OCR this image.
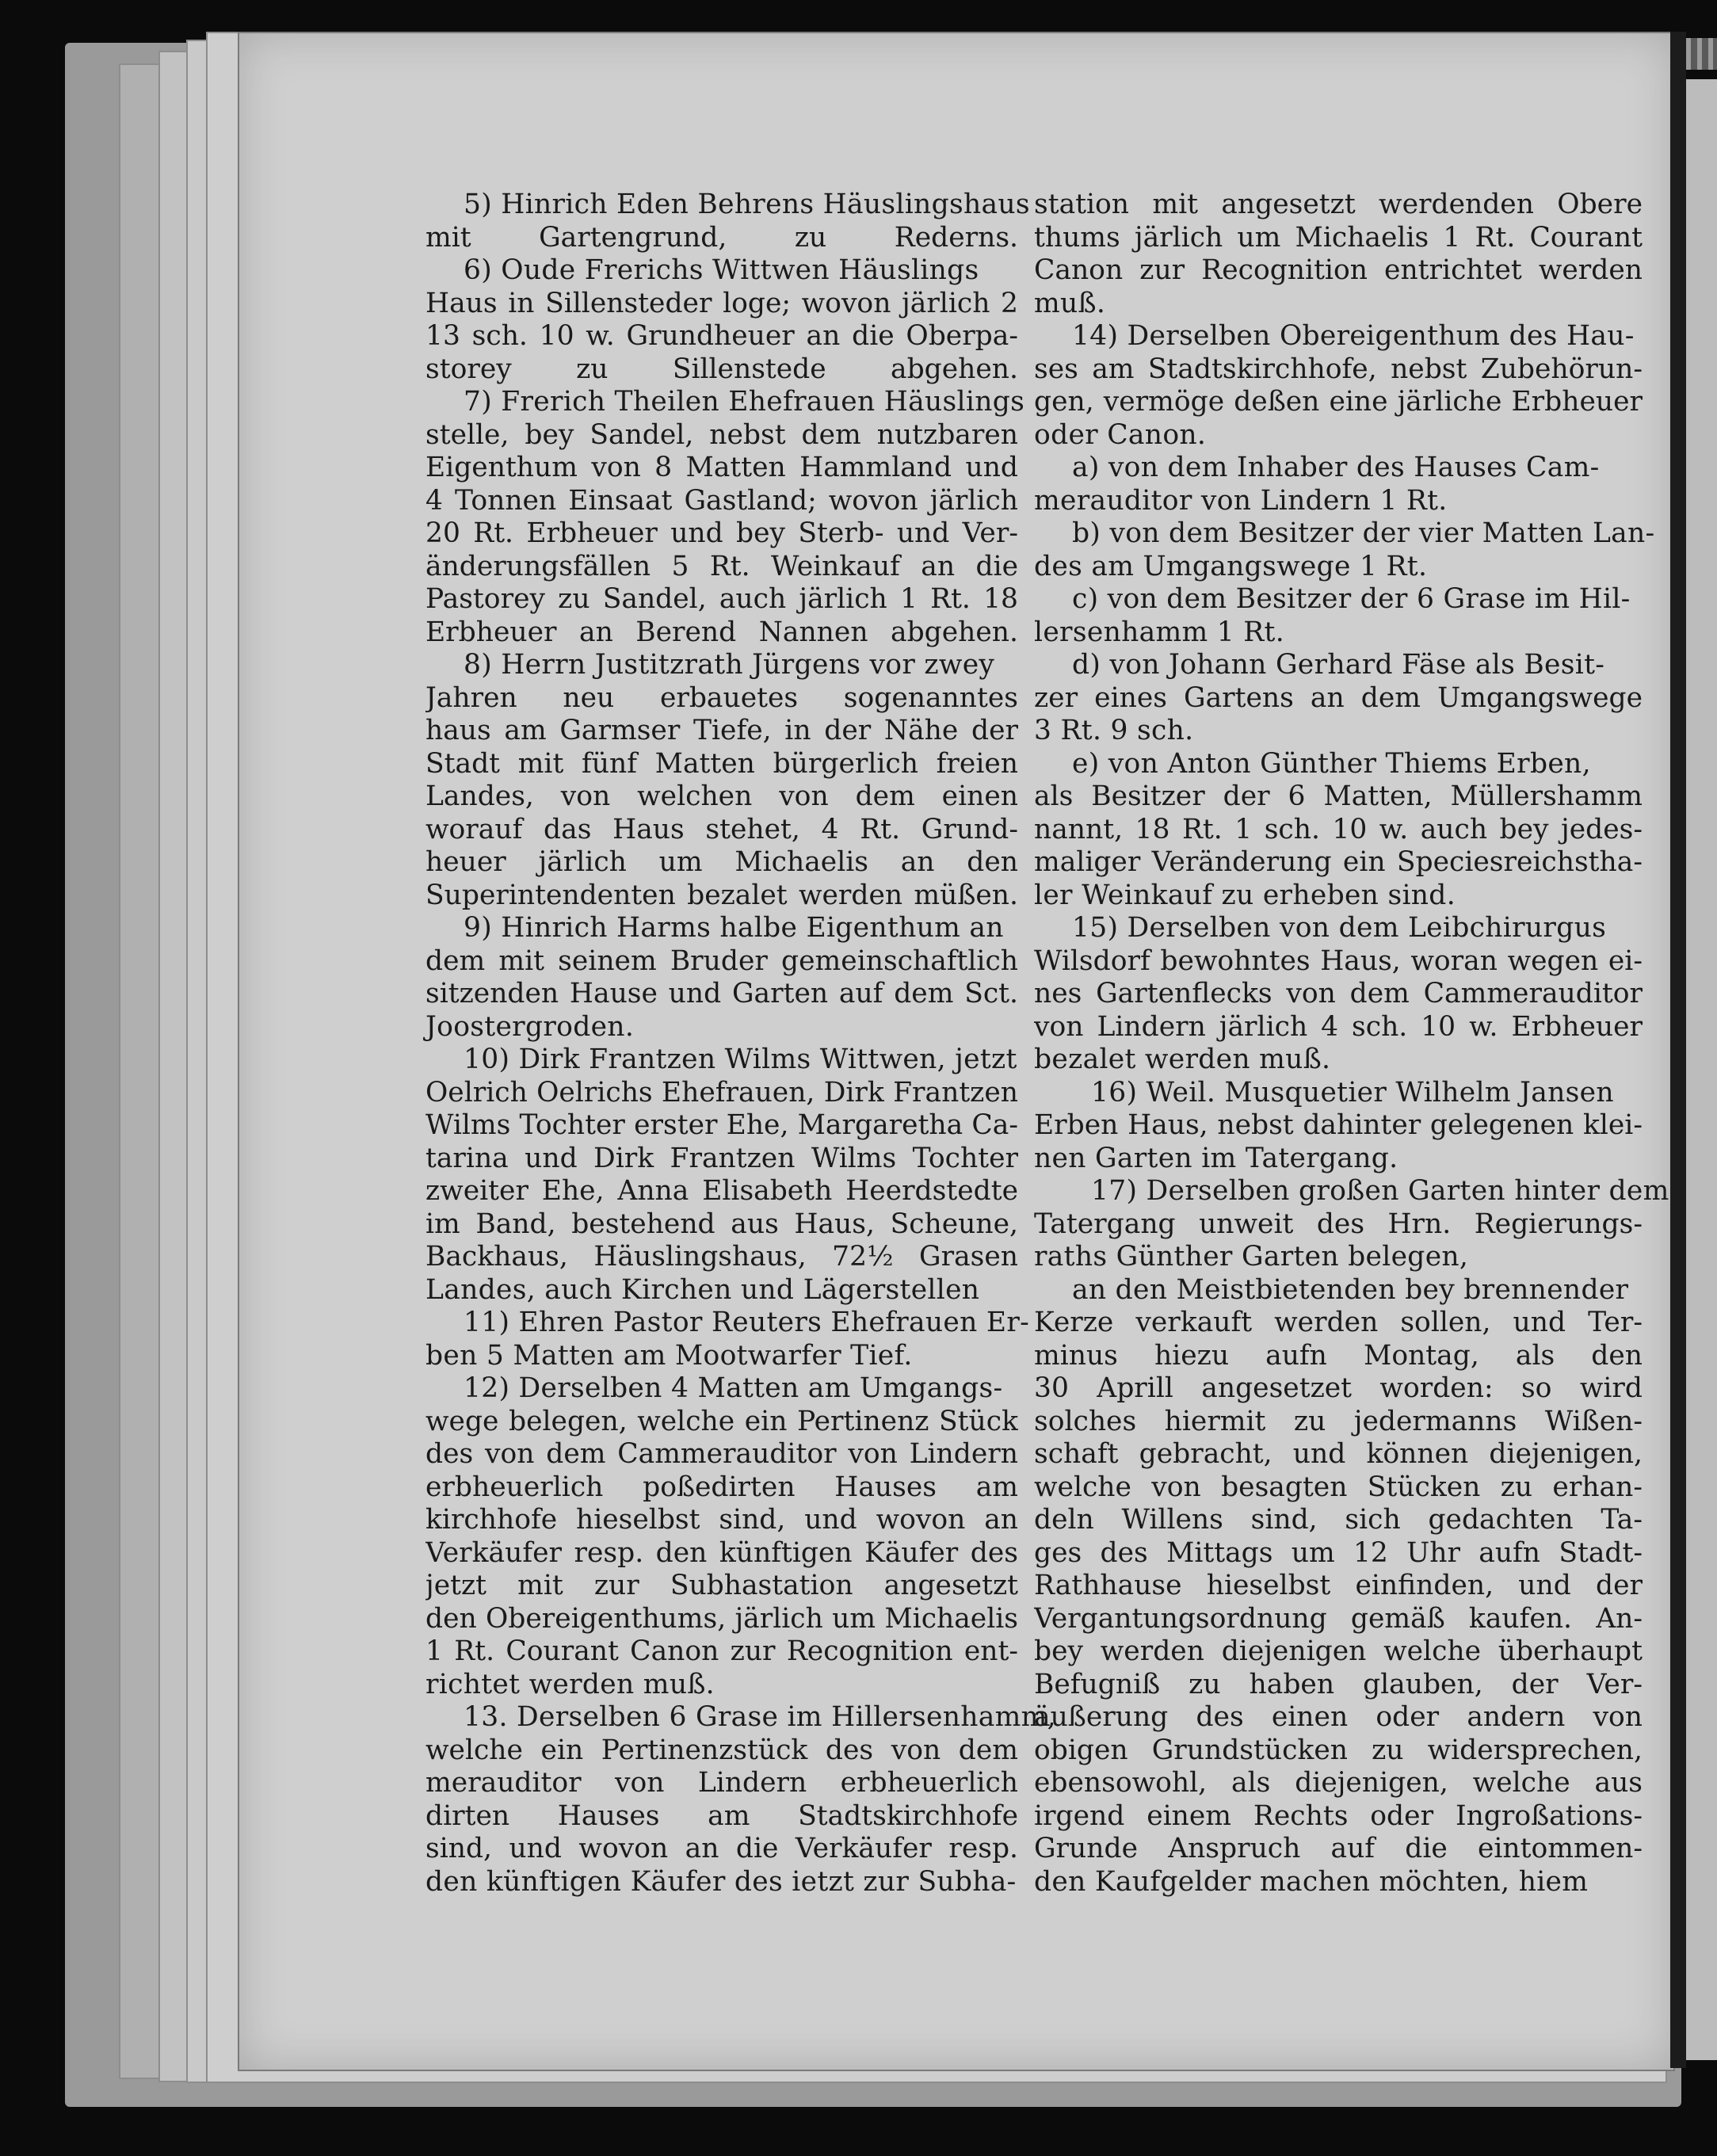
5) Hinrich Eden Behrens Häuslingshaus
mit Gartengrund, zu Rederns.
6) Oude Frerichs Wittwen Häuslings
Haus in Sillensteder loge; wovon järlich 2
13 sch. 10 w. Grundheuer an die Oberpa-
storey zu Sillenstede abgehen.
7) Frerich Theilen Ehefrauen Häuslings
stelle, bey Sandel, nebst dem nutzbaren
Eigenthum von 8 Matten Hammland und
4 Tonnen Einsaat Gastland; wovon järlich
20 Rt. Erbheuer und bey Sterb- und Ver-
änderungsfällen 5 Rt. Weinkauf an die
Pastorey zu Sandel, auch järlich 1 Rt. 18
Erbheuer an Berend Nannen abgehen.
8) Herrn Justitzrath Jürgens vor zwey
Jahren neu erbauetes sogenanntes
haus am Garmser Tiefe, in der Nähe der
Stadt mit fünf Matten bürgerlich freien
Landes, von welchen von dem einen
worauf das Haus stehet, 4 Rt. Grund-
heuer järlich um Michaelis an den
Superintendenten bezalet werden müßen.
9) Hinrich Harms halbe Eigenthum an
dem mit seinem Bruder gemeinschaftlich
sitzenden Hause und Garten auf dem Sct.
Joostergroden.
10) Dirk Frantzen Wilms Wittwen, jetzt
Oelrich Oelrichs Ehefrauen, Dirk Frantzen
Wilms Tochter erster Ehe, Margaretha Ca-
tarina und Dirk Frantzen Wilms Tochter
zweiter Ehe, Anna Elisabeth Heerdstedte
im Band, bestehend aus Haus, Scheune,
Backhaus, Häuslingshaus, 72½ Grasen
Landes, auch Kirchen und Lägerstellen
11) Ehren Pastor Reuters Ehefrauen Er-
ben 5 Matten am Mootwarfer Tief.
12) Derselben 4 Matten am Umgangs-
wege belegen, welche ein Pertinenz Stück
des von dem Cammerauditor von Lindern
erbheuerlich poßedirten Hauses am
kirchhofe hieselbst sind, und wovon an
Verkäufer resp. den künftigen Käufer des
jetzt mit zur Subhastation angesetzt
den Obereigenthums, järlich um Michaelis
1 Rt. Courant Canon zur Recognition ent-
richtet werden muß.
13. Derselben 6 Grase im Hillersenhamm,
welche ein Pertinenzstück des von dem
merauditor von Lindern erbheuerlich
dirten Hauses am Stadtskirchhofe
sind, und wovon an die Verkäufer resp.
den künftigen Käufer des ietzt zur Subha-
station mit angesetzt werdenden Obere
thums järlich um Michaelis 1 Rt. Courant
Canon zur Recognition entrichtet werden
muß.
14) Derselben Obereigenthum des Hau-
ses am Stadtskirchhofe, nebst Zubehörun-
gen, vermöge deßen eine järliche Erbheuer
oder Canon.
a) von dem Inhaber des Hauses Cam-
merauditor von Lindern 1 Rt.
b) von dem Besitzer der vier Matten Lan-
des am Umgangswege 1 Rt.
c) von dem Besitzer der 6 Grase im Hil-
lersenhamm 1 Rt.
d) von Johann Gerhard Fäse als Besit-
zer eines Gartens an dem Umgangswege
3 Rt. 9 sch.
e) von Anton Günther Thiems Erben,
als Besitzer der 6 Matten, Müllershamm
nannt, 18 Rt. 1 sch. 10 w. auch bey jedes-
maliger Veränderung ein Speciesreichstha-
ler Weinkauf zu erheben sind.
15) Derselben von dem Leibchirurgus
Wilsdorf bewohntes Haus, woran wegen ei-
nes Gartenflecks von dem Cammerauditor
von Lindern järlich 4 sch. 10 w. Erbheuer
bezalet werden muß.
16) Weil. Musquetier Wilhelm Jansen
Erben Haus, nebst dahinter gelegenen klei-
nen Garten im Tatergang.
17) Derselben großen Garten hinter dem
Tatergang unweit des Hrn. Regierungs-
raths Günther Garten belegen,
an den Meistbietenden bey brennender
Kerze verkauft werden sollen, und Ter-
minus hiezu aufn Montag, als den
30 Aprill angesetzet worden: so wird
solches hiermit zu jedermanns Wißen-
schaft gebracht, und können diejenigen,
welche von besagten Stücken zu erhan-
deln Willens sind, sich gedachten Ta-
ges des Mittags um 12 Uhr aufn Stadt-
Rathhause hieselbst einfinden, und der
Vergantungsordnung gemäß kaufen. An-
bey werden diejenigen welche überhaupt
Befugniß zu haben glauben, der Ver-
äußerung des einen oder andern von
obigen Grundstücken zu widersprechen,
ebensowohl, als diejenigen, welche aus
irgend einem Rechts oder Ingroßations-
Grunde Anspruch auf die eintommen-
den Kaufgelder machen möchten, hiem
